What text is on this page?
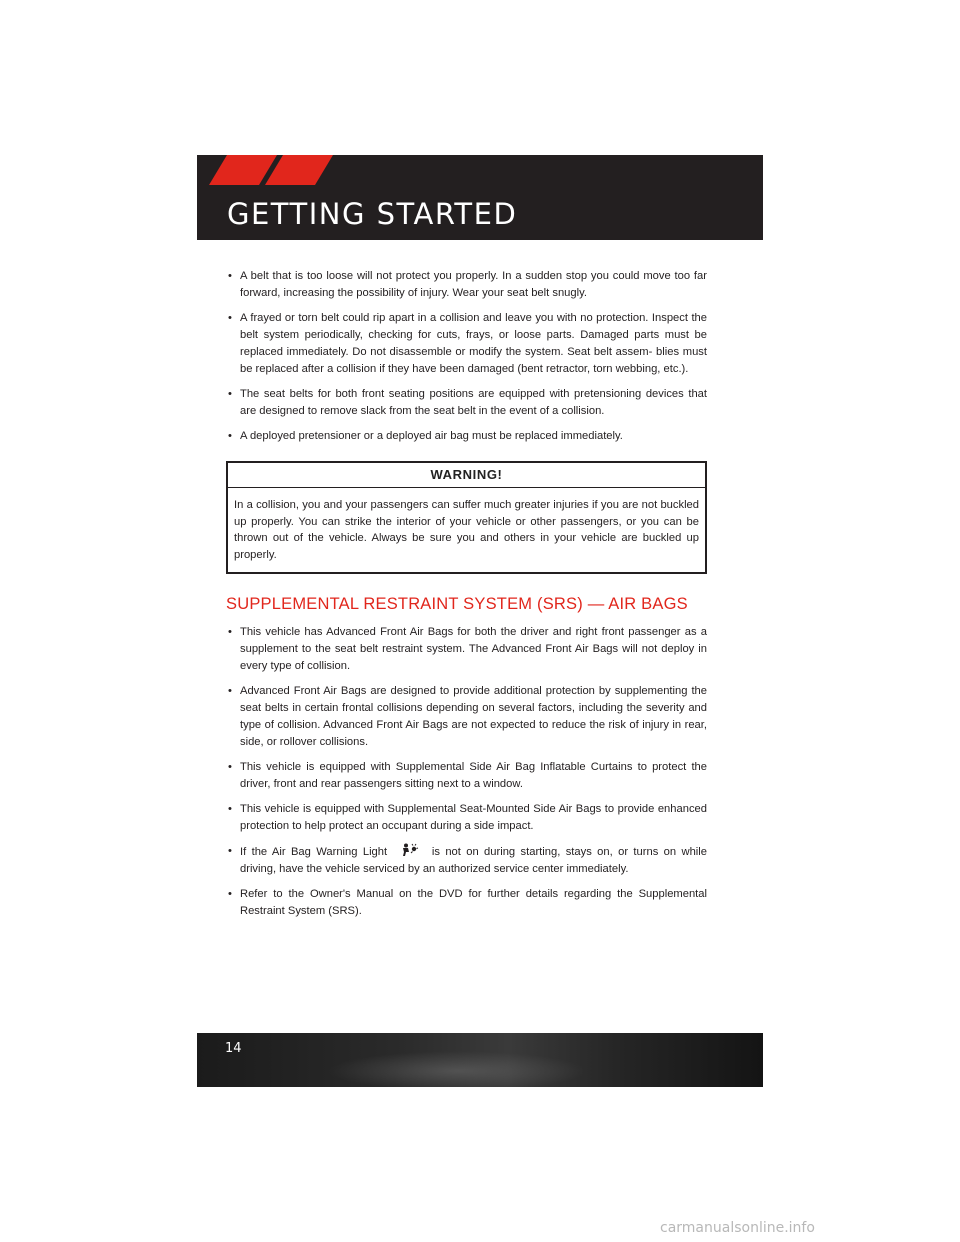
GETTING STARTED
• A belt that is too loose will not protect you properly. In a sudden stop you could move too far forward, increasing the possibility of injury. Wear your seat belt snugly.
• A frayed or torn belt could rip apart in a collision and leave you with no protection. Inspect the belt system periodically, checking for cuts, frays, or loose parts. Damaged parts must be replaced immediately. Do not disassemble or modify the system. Seat belt assem- blies must be replaced after a collision if they have been damaged (bent retractor, torn webbing, etc.).
• The seat belts for both front seating positions are equipped with pretensioning devices that are designed to remove slack from the seat belt in the event of a collision.
• A deployed pretensioner or a deployed air bag must be replaced immediately.
WARNING!
In a collision, you and your passengers can suffer much greater injuries if you are not buckled up properly. You can strike the interior of your vehicle or other passengers, or you can be thrown out of the vehicle. Always be sure you and others in your vehicle are buckled up properly.
SUPPLEMENTAL RESTRAINT SYSTEM (SRS) — AIR BAGS
• This vehicle has Advanced Front Air Bags for both the driver and right front passenger as a supplement to the seat belt restraint system. The Advanced Front Air Bags will not deploy in every type of collision.
• Advanced Front Air Bags are designed to provide additional protection by supplementing the seat belts in certain frontal collisions depending on several factors, including the severity and type of collision. Advanced Front Air Bags are not expected to reduce the risk of injury in rear, side, or rollover collisions.
• This vehicle is equipped with Supplemental Side Air Bag Inflatable Curtains to protect the driver, front and rear passengers sitting next to a window.
• This vehicle is equipped with Supplemental Seat-Mounted Side Air Bags to provide enhanced protection to help protect an occupant during a side impact.
• If the Air Bag Warning Light	is not on during starting, stays on, or turns on while driving, have the vehicle serviced by an authorized service center immediately.
• Refer to the Owner's Manual on the DVD for further details regarding the Supplemental Restraint System (SRS).
14
carmanualsonline.info
